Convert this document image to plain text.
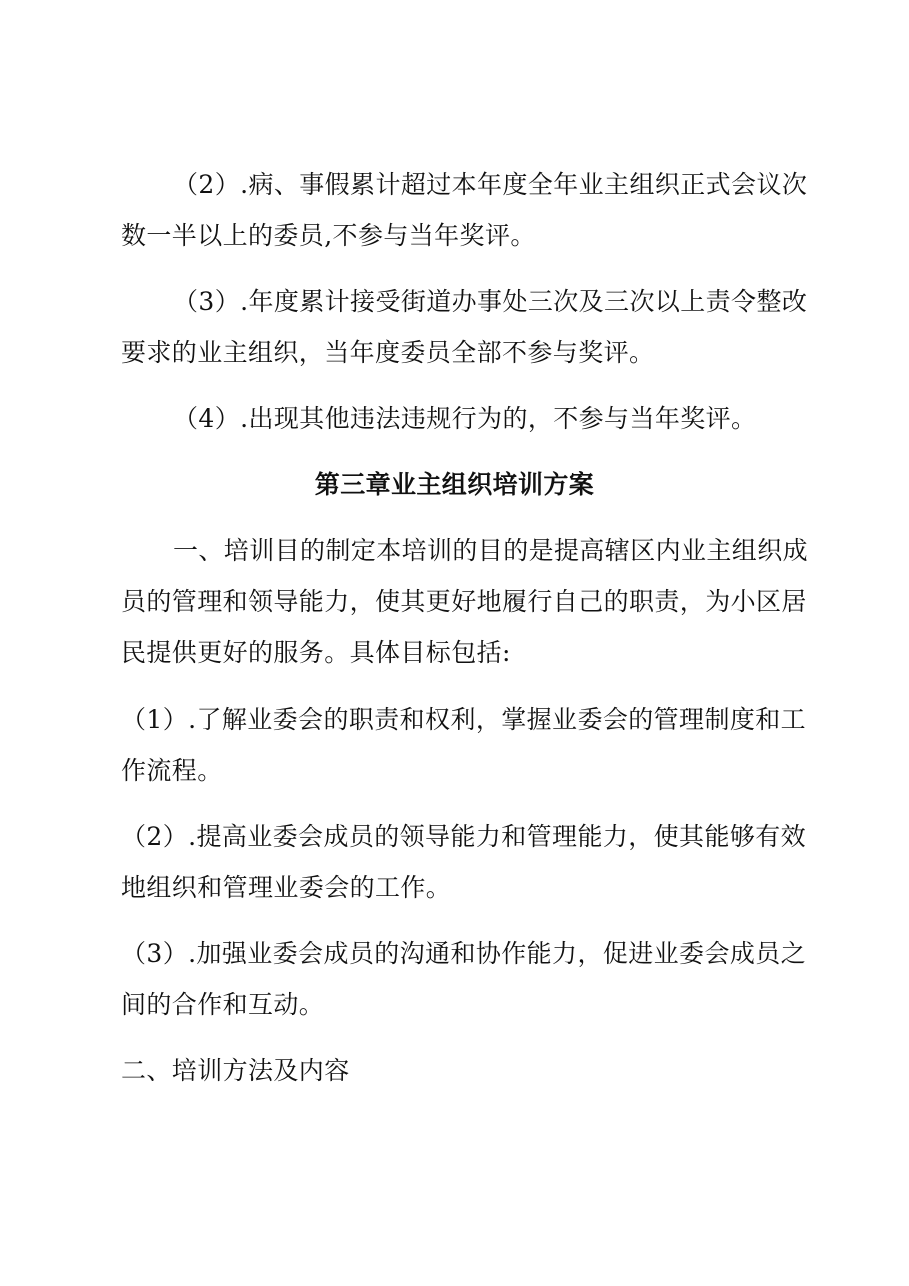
（2）.病、事假累计超过本年度全年业主组织正式会议次
数一半以上的委员,不参与当年奖评。
（3）.年度累计接受街道办事处三次及三次以上责令整改
要求的业主组织，当年度委员全部不参与奖评。
（4）.出现其他违法违规行为的，不参与当年奖评。
第三章业主组织培训方案
一、培训目的制定本培训的目的是提高辖区内业主组织成
员的管理和领导能力，使其更好地履行自己的职责，为小区居
民提供更好的服务。具体目标包括:
（1）.了解业委会的职责和权利，掌握业委会的管理制度和工
作流程。
（2）.提高业委会成员的领导能力和管理能力，使其能够有效
地组织和管理业委会的工作。
（3）.加强业委会成员的沟通和协作能力，促进业委会成员之
间的合作和互动。
二、培训方法及内容
